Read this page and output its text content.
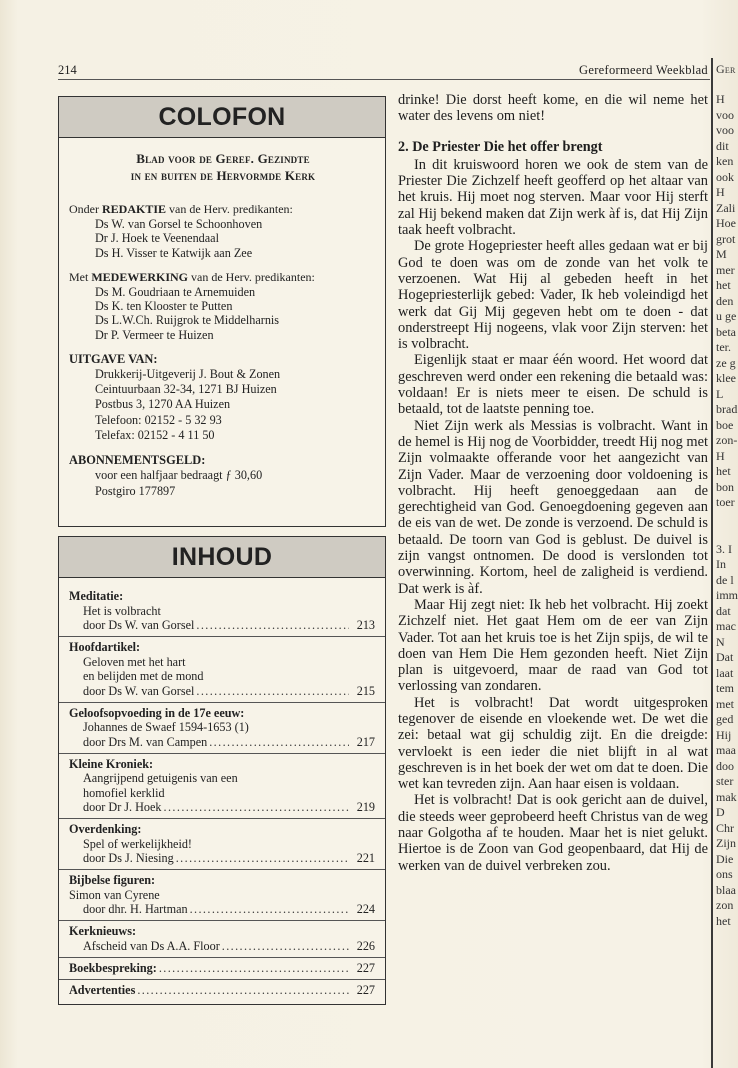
214	Gereformeerd Weekblad Ger
H
voo
voo
dit
ken
ook
H
Zali
Hoe
grot
M
mer
het
den
u ge
beta
ter.
ze g
klee
L
brad
boe
zon-
H
het
bon
toer

3. I
In
de l
imm
dat
mac
N
Dat
laat
tem
met
ged
Hij
maa
doo
ster
mak
D
Chr
Zijn
Die
ons
blaa
zon
het
COLOFON
Blad voor de Geref. Gezindte
in en buiten de Hervormde Kerk
Onder REDAKTIE van de Herv. predikanten:
Ds W. van Gorsel te Schoonhoven
Dr J. Hoek te Veenendaal
Ds H. Visser te Katwijk aan Zee
Met MEDEWERKING van de Herv. predikanten:
Ds M. Goudriaan te Arnemuiden
Ds K. ten Klooster te Putten
Ds L.W.Ch. Ruijgrok te Middelharnis
Dr P. Vermeer te Huizen
UITGAVE VAN:
Drukkerij-Uitgeverij J. Bout & Zonen
Ceintuurbaan 32-34, 1271 BJ Huizen
Postbus 3, 1270 AA Huizen
Telefoon: 02152 - 5 32 93
Telefax: 02152 - 4 11 50
ABONNEMENTSGELD:
voor een halfjaar bedraagt ƒ 30,60
Postgiro 177897
INHOUD
Meditatie:
Het is volbracht
door Ds W. van Gorsel .....	213
Hoofdartikel:
Geloven met het hart
en belijden met de mond
door Ds W. van Gorsel .....	215
Geloofsopvoeding in de 17e eeuw:
Johannes de Swaef 1594-1653 (1)
door Drs M. van Campen .....	217
Kleine Kroniek:
Aangrijpend getuigenis van een
homofiel kerklid
door Dr J. Hoek .....	219
Overdenking:
Spel of werkelijkheid!
door Ds J. Niesing .....	221
Bijbelse figuren:
Simon van Cyrene
door dhr. H. Hartman .....	224
Kerknieuws:
Afscheid van Ds A.A. Floor .....	226
Boekbespreking: .....	227
Advertenties .....	227

drinke! Die dorst heeft kome, en die wil neme het water des levens om niet!

2. De Priester Die het offer brengt

In dit kruiswoord horen we ook de stem van de Priester Die Zichzelf heeft geofferd op het altaar van het kruis. Hij moet nog sterven. Maar voor Hij sterft zal Hij bekend maken dat Zijn werk àf is, dat Hij Zijn taak heeft volbracht.

De grote Hogepriester heeft alles gedaan wat er bij God te doen was om de zonde van het volk te verzoenen. Wat Hij al gebeden heeft in het Hogepriesterlijk gebed: Vader, Ik heb voleindigd het werk dat Gij Mij gegeven hebt om te doen - dat onderstreept Hij nogeens, vlak voor Zijn sterven: het is volbracht.

Eigenlijk staat er maar één woord. Het woord dat geschreven werd onder een rekening die betaald was: voldaan! Er is niets meer te eisen. De schuld is betaald, tot de laatste penning toe.

Niet Zijn werk als Messias is volbracht. Want in de hemel is Hij nog de Voorbidder, treedt Hij nog met Zijn volmaakte offerande voor het aangezicht van Zijn Vader. Maar de verzoening door voldoening is volbracht. Hij heeft genoeggedaan aan de gerechtigheid van God. Genoegdoening gegeven aan de eis van de wet. De zonde is verzoend. De schuld is betaald. De toorn van God is geblust. De duivel is zijn vangst ontnomen. De dood is verslonden tot overwinning. Kortom, heel de zaligheid is verdiend. Dat werk is àf.

Maar Hij zegt niet: Ik heb het volbracht. Hij zoekt Zichzelf niet. Het gaat Hem om de eer van Zijn Vader. Tot aan het kruis toe is het Zijn spijs, de wil te doen van Hem Die Hem gezonden heeft. Niet Zijn plan is uitgevoerd, maar de raad van God tot verlossing van zondaren.

Het is volbracht! Dat wordt uitgesproken tegenover de eisende en vloekende wet. De wet die zei: betaal wat gij schuldig zijt. En die dreigde: vervloekt is een ieder die niet blijft in al wat geschreven is in het boek der wet om dat te doen. Die wet kan tevreden zijn. Aan haar eisen is voldaan.

Het is volbracht! Dat is ook gericht aan de duivel, die steeds weer geprobeerd heeft Christus van de weg naar Golgotha af te houden. Maar het is niet gelukt. Hiertoe is de Zoon van God geopenbaard, dat Hij de werken van de duivel verbreken zou.
